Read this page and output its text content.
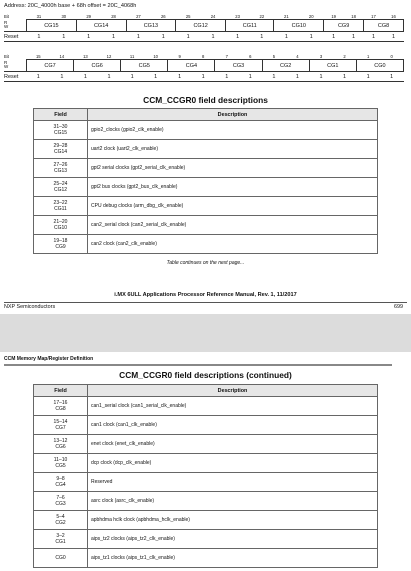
Address: 20C_4000h base + 68h offset = 20C_4068h
Bit	31	30	29	28	27	26	25	24	23	22	21	20	19	18	17	16
R
W	CG15		CG14		CG13		CG12		CG11		CG10		CG9		CG8	
Reset	1	1	1	1	1	1	1	1	1	1	1	1	1	1	1	1
Bit	15	14	13	12	11	10	9	8	7	6	5	4	3	2	1	0
R
W	CG7		CG6		CG5		CG4		CG3		CG2		CG1		CG0	
Reset	1	1	1	1	1	1	1	1	1	1	1	1	1	1	1	1
CCM_CCGR0 field descriptions
Field	Description
31–30
CG15	gpio2_clocks (gpio2_clk_enable)
29–28
CG14	uart2 clock (uart2_clk_enable)
27–26
CG13	gpt2 serial clocks (gpt2_serial_clk_enable)
25–24
CG12	gpt2 bus clocks (gpt2_bus_clk_enable)
23–22
CG11	CPU debug clocks (arm_dbg_clk_enable)
21–20
CG10	can2_serial clock (can2_serial_clk_enable)
19–18
CG9	can2 clock (can2_clk_enable)
Table continues on the next page...
i.MX 6ULL Applications Processor Reference Manual, Rev. 1, 11/2017
NXP Semiconductors	699
CCM Memory Map/Register Definition
CCM_CCGR0 field descriptions (continued)
Field	Description
17–16
CG8	can1_serial clock (can1_serial_clk_enable)
15–14
CG7	can1 clock (can1_clk_enable)
13–12
CG6	enet clock (enet_clk_enable)
11–10
CG5	dcp clock (dcp_clk_enable)
9–8
CG4	Reserved
7–6
CG3	asrc clock (asrc_clk_enable)
5–4
CG2	apbhdma hclk clock (apbhdma_hclk_enable)
3–2
CG1	aips_tz2 clocks (aips_tz2_clk_enable)
CG0	aips_tz1 clocks (aips_tz1_clk_enable)
